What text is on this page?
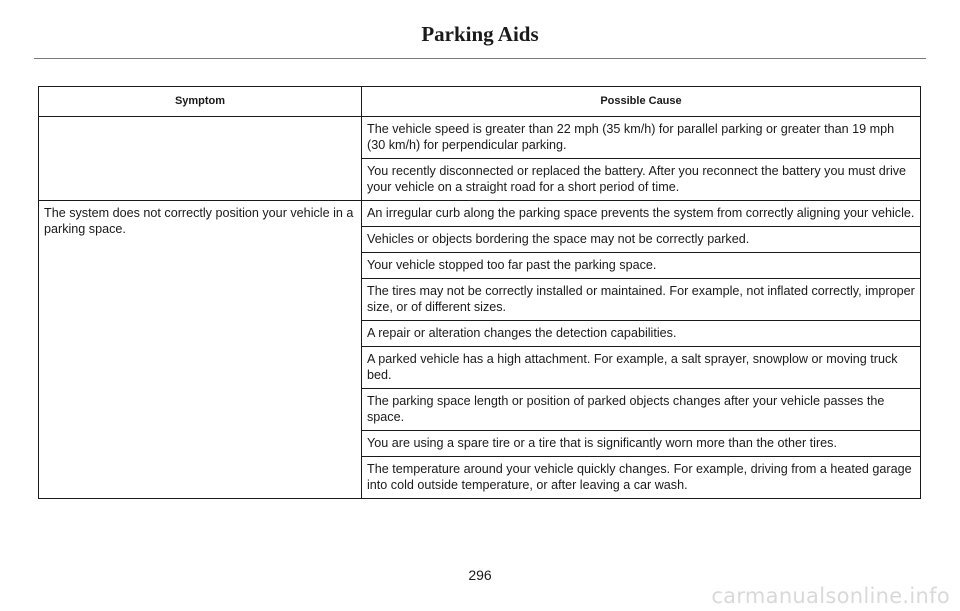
Parking Aids
Symptom	Possible Cause
	The vehicle speed is greater than 22 mph (35 km/h) for parallel parking or greater than 19 mph (30 km/h) for perpendicular parking.
	You recently disconnected or replaced the battery. After you reconnect the battery you must drive your vehicle on a straight road for a short period of time.
The system does not correctly position your vehicle in a parking space.	An irregular curb along the parking space prevents the system from correctly aligning your vehicle.
	Vehicles or objects bordering the space may not be correctly parked.
	Your vehicle stopped too far past the parking space.
	The tires may not be correctly installed or maintained. For example, not inflated correctly, improper size, or of different sizes.
	A repair or alteration changes the detection capabilities.
	A parked vehicle has a high attachment. For example, a salt sprayer, snowplow or moving truck bed.
	The parking space length or position of parked objects changes after your vehicle passes the space.
	You are using a spare tire or a tire that is significantly worn more than the other tires.
	The temperature around your vehicle quickly changes. For example, driving from a heated garage into cold outside temperature, or after leaving a car wash.
296
carmanualsonline.info
